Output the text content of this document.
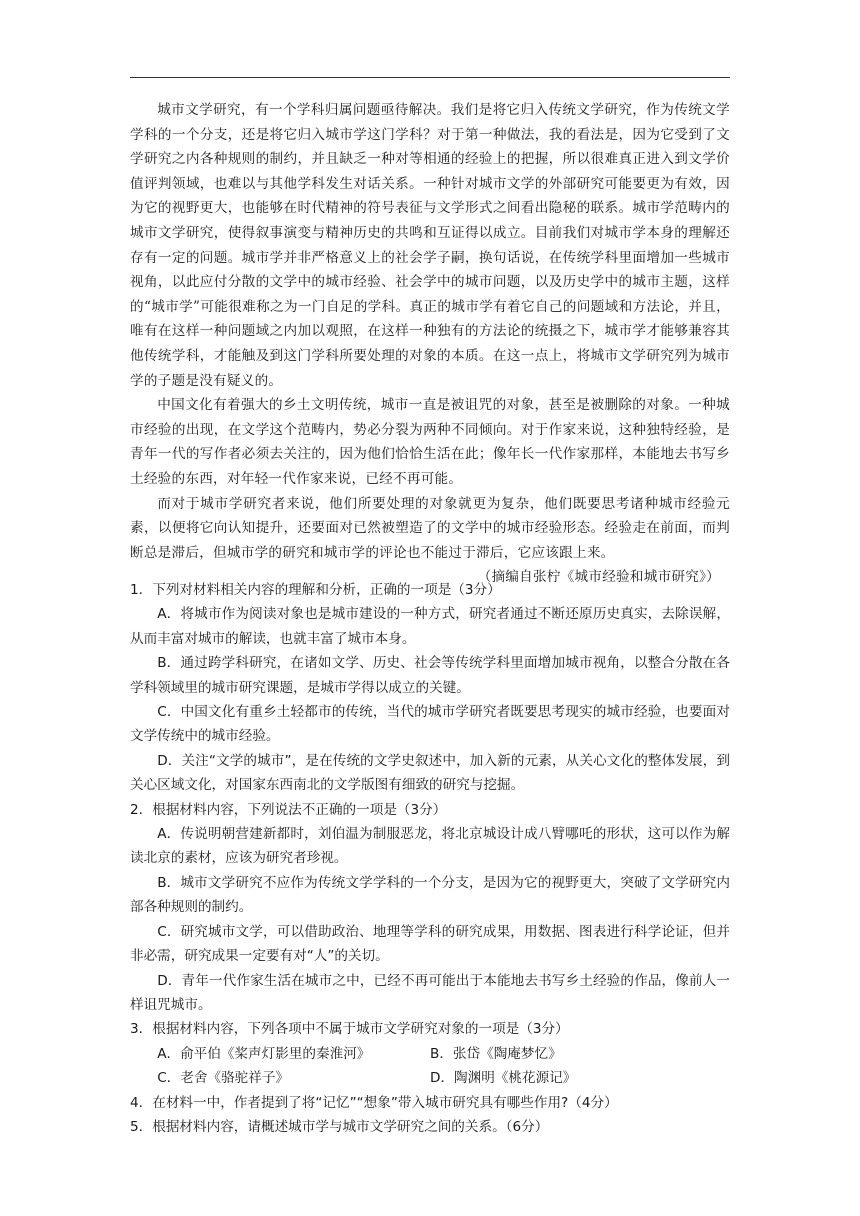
城市文学研究，有一个学科归属问题亟待解决。我们是将它归入传统文学研究，作为传统文学学科的一个分支，还是将它归入城市学这门学科？对于第一种做法，我的看法是，因为它受到了文学研究之内各种规则的制约，并且缺乏一种对等相通的经验上的把握，所以很难真正进入到文学价值评判领域，也难以与其他学科发生对话关系。一种针对城市文学的外部研究可能要更为有效，因为它的视野更大，也能够在时代精神的符号表征与文学形式之间看出隐秘的联系。城市学范畴内的城市文学研究，使得叙事演变与精神历史的共鸣和互证得以成立。目前我们对城市学本身的理解还存有一定的问题。城市学并非严格意义上的社会学子嗣，换句话说，在传统学科里面增加一些城市视角，以此应付分散的文学中的城市经验、社会学中的城市问题，以及历史学中的城市主题，这样的“城市学”可能很难称之为一门自足的学科。真正的城市学有着它自己的问题域和方法论，并且，唯有在这样一种问题域之内加以观照，在这样一种独有的方法论的统摄之下，城市学才能够兼容其他传统学科，才能触及到这门学科所要处理的对象的本质。在这一点上，将城市文学研究列为城市学的子题是没有疑义的。

中国文化有着强大的乡土文明传统，城市一直是被诅咒的对象，甚至是被删除的对象。一种城市经验的出现，在文学这个范畴内，势必分裂为两种不同倾向。对于作家来说，这种独特经验，是青年一代的写作者必须去关注的，因为他们恰恰生活在此；像年长一代作家那样，本能地去书写乡土经验的东西，对年轻一代作家来说，已经不再可能。

而对于城市学研究者来说，他们所要处理的对象就更为复杂，他们既要思考诸种城市经验元素，以便将它向认知提升，还要面对已然被塑造了的文学中的城市经验形态。经验走在前面，而判断总是滞后，但城市学的研究和城市学的评论也不能过于滞后，它应该跟上来。

（摘编自张柠《城市经验和城市研究》）

1．下列对材料相关内容的理解和分析，正确的一项是（3分）

A．将城市作为阅读对象也是城市建设的一种方式，研究者通过不断还原历史真实，去除误解，从而丰富对城市的解读，也就丰富了城市本身。

B．通过跨学科研究，在诸如文学、历史、社会等传统学科里面增加城市视角，以整合分散在各学科领域里的城市研究课题，是城市学得以成立的关键。

C．中国文化有重乡土轻都市的传统，当代的城市学研究者既要思考现实的城市经验，也要面对文学传统中的城市经验。

D．关注“文学的城市”，是在传统的文学史叙述中，加入新的元素，从关心文化的整体发展，到关心区域文化，对国家东西南北的文学版图有细致的研究与挖掘。

2．根据材料内容，下列说法不正确的一项是（3分）

A．传说明朝营建新都时，刘伯温为制服恶龙，将北京城设计成八臂哪吒的形状，这可以作为解读北京的素材，应该为研究者珍视。

B．城市文学研究不应作为传统文学学科的一个分支，是因为它的视野更大，突破了文学研究内部各种规则的制约。

C．研究城市文学，可以借助政治、地理等学科的研究成果，用数据、图表进行科学论证，但并非必需，研究成果一定要有对“人”的关切。

D．青年一代作家生活在城市之中，已经不再可能出于本能地去书写乡土经验的作品，像前人一样诅咒城市。

3．根据材料内容，下列各项中不属于城市文学研究对象的一项是（3分）

A．俞平伯《桨声灯影里的秦淮河》	B．张岱《陶庵梦忆》
C．老舍《骆驼祥子》	D．陶渊明《桃花源记》

4．在材料一中，作者提到了将“记忆”“想象”带入城市研究具有哪些作用?（4分）

5．根据材料内容，请概述城市学与城市文学研究之间的关系。（6分）
